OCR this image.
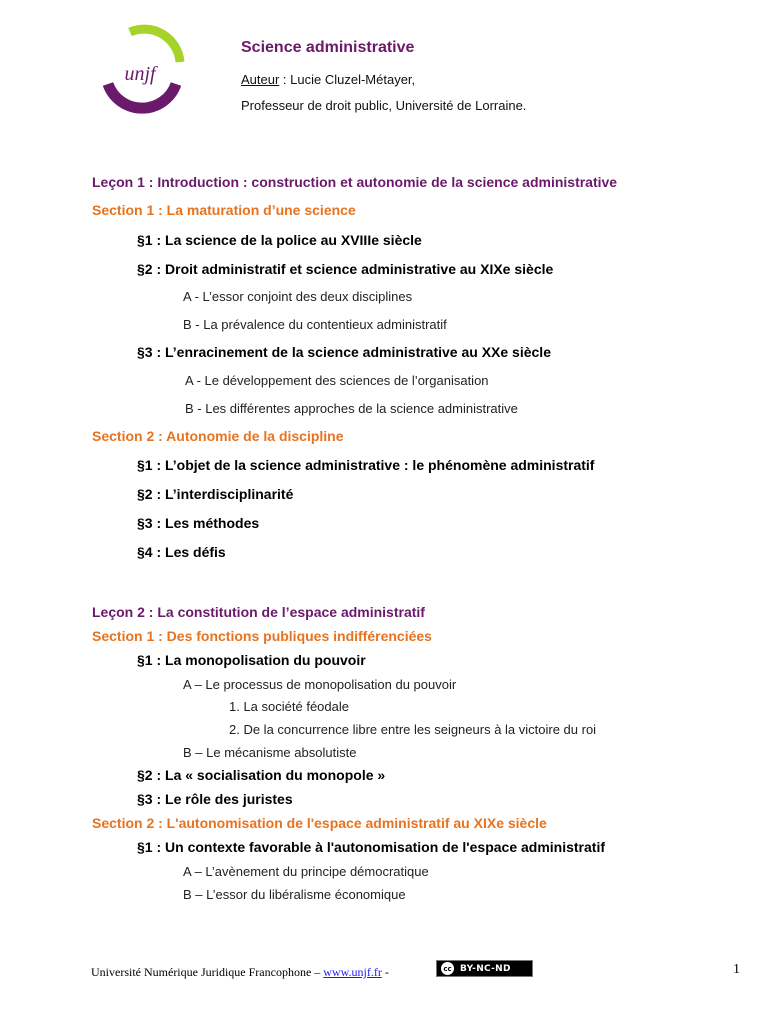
unjf
Science administrative
Auteur : Lucie Cluzel-Métayer,
Professeur de droit public, Université de Lorraine.
Leçon 1 : Introduction : construction et autonomie de la science administrative
Section 1 : La maturation d’une science
§1 : La science de la police au XVIIIe siècle
§2 : Droit administratif et science administrative au XIXe siècle
A - L’essor conjoint des deux disciplines
B - La prévalence du contentieux administratif
§3 : L’enracinement de la science administrative au XXe siècle
A - Le développement des sciences de l’organisation
B - Les différentes approches de la science administrative
Section 2 : Autonomie de la discipline
§1 : L’objet de la science administrative : le phénomène administratif
§2 : L’interdisciplinarité
§3 : Les méthodes
§4 : Les défis
Leçon 2 : La constitution de l’espace administratif
Section 1 : Des fonctions publiques indifférenciées
§1 : La monopolisation du pouvoir
A – Le processus de monopolisation du pouvoir
1. La société féodale
2. De la concurrence libre entre les seigneurs à la victoire du roi
B – Le mécanisme absolutiste
§2 : La « socialisation du monopole »
§3 : Le rôle des juristes
Section 2 : L'autonomisation de l'espace administratif au XIXe siècle
§1 : Un contexte favorable à l'autonomisation de l'espace administratif
A – L’avènement du principe démocratique
B – L’essor du libéralisme économique
Université Numérique Juridique Francophone – www.unjf.fr -	cc BY-NC-ND	1
